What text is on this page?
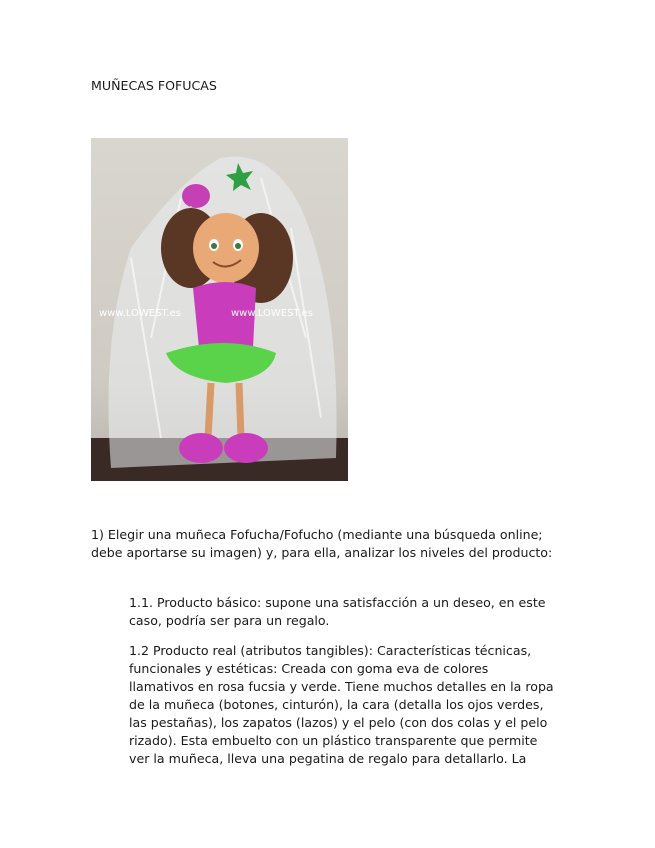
MUÑECAS FOFUCAS
www.LOWEST.es	www.LOWEST.es
1) Elegir una muñeca Fofucha/Fofucho (mediante una búsqueda online;
debe aportarse su imagen) y, para ella, analizar los niveles del producto:
1.1. Producto básico: supone una satisfacción a un deseo, en este
caso, podría ser para un regalo.
1.2 Producto real (atributos tangibles): Características técnicas,
funcionales y estéticas: Creada con goma eva de colores
llamativos en rosa fucsia y verde. Tiene muchos detalles en la ropa
de la muñeca (botones, cinturón), la cara (detalla los ojos verdes,
las pestañas), los zapatos (lazos) y el pelo (con dos colas y el pelo
rizado). Esta embuelto con un plástico transparente que permite
ver la muñeca, lleva una pegatina de regalo para detallarlo. La
